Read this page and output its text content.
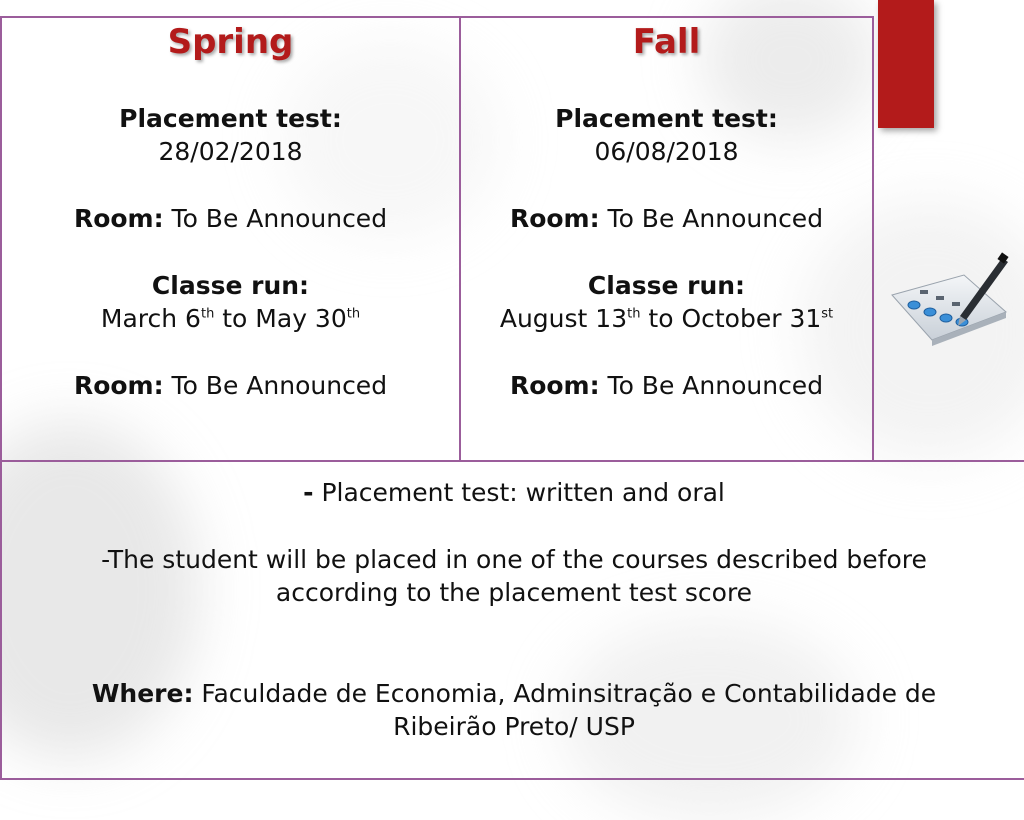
Spring
Placement test:
28/02/2018
Room: To Be Announced
Classe run:
March 6th to May 30th
Room: To Be Announced
Fall
Placement test:
06/08/2018
Room: To Be Announced
Classe run:
August 13th to October 31st
Room: To Be Announced
- Placement test: written and oral
-The student will be placed in one of the courses described before
according to the placement test score
Where: Faculdade de Economia, Adminsitração e Contabilidade de
Ribeirão Preto/ USP
